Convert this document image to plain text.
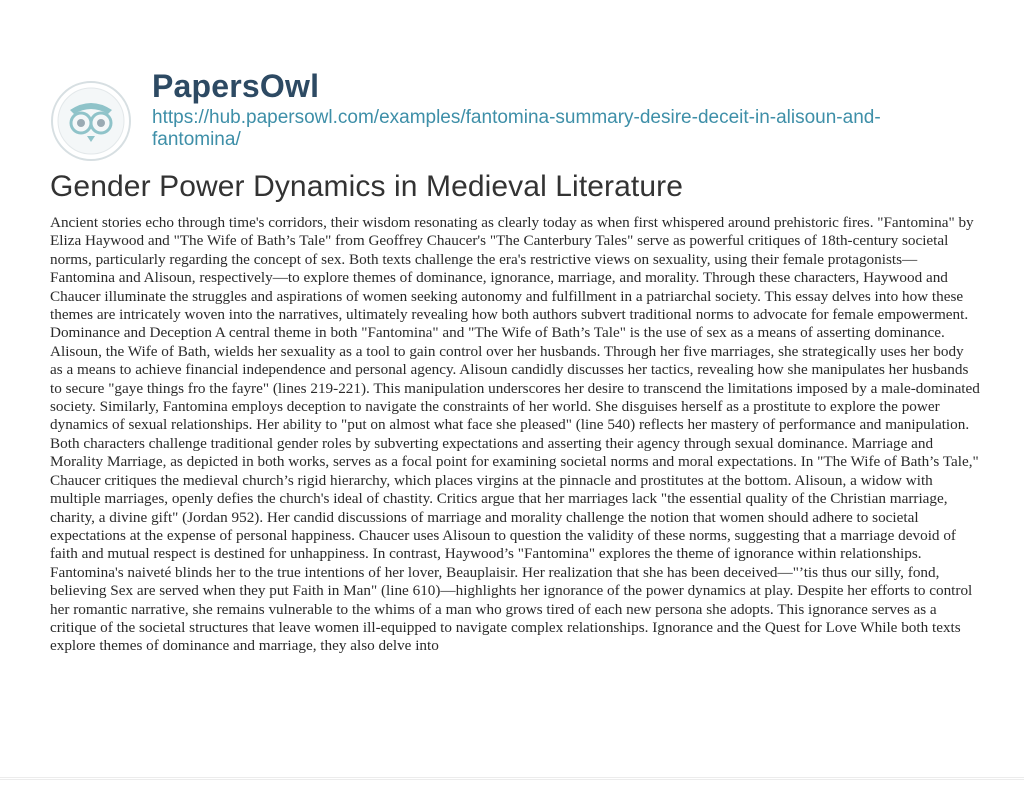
PapersOwl
https://hub.papersowl.com/examples/fantomina-summary-desire-deceit-in-alisoun-and-fantomina/
Gender Power Dynamics in Medieval Literature

Ancient stories echo through time's corridors, their wisdom resonating as clearly today as when first whispered around prehistoric fires. "Fantomina" by Eliza Haywood and "The Wife of Bath’s Tale" from Geoffrey Chaucer's "The Canterbury Tales" serve as powerful critiques of 18th-century societal norms, particularly regarding the concept of sex. Both texts challenge the era's restrictive views on sexuality, using their female protagonists—Fantomina and Alisoun, respectively—to explore themes of dominance, ignorance, marriage, and morality. Through these characters, Haywood and Chaucer illuminate the struggles and aspirations of women seeking autonomy and fulfillment in a patriarchal society. This essay delves into how these themes are intricately woven into the narratives, ultimately revealing how both authors subvert traditional norms to advocate for female empowerment. Dominance and Deception A central theme in both "Fantomina" and "The Wife of Bath’s Tale" is the use of sex as a means of asserting dominance. Alisoun, the Wife of Bath, wields her sexuality as a tool to gain control over her husbands. Through her five marriages, she strategically uses her body as a means to achieve financial independence and personal agency. Alisoun candidly discusses her tactics, revealing how she manipulates her husbands to secure "gaye things fro the fayre" (lines 219-221). This manipulation underscores her desire to transcend the limitations imposed by a male-dominated society. Similarly, Fantomina employs deception to navigate the constraints of her world. She disguises herself as a prostitute to explore the power dynamics of sexual relationships. Her ability to "put on almost what face she pleased" (line 540) reflects her mastery of performance and manipulation. Both characters challenge traditional gender roles by subverting expectations and asserting their agency through sexual dominance. Marriage and Morality Marriage, as depicted in both works, serves as a focal point for examining societal norms and moral expectations. In "The Wife of Bath’s Tale," Chaucer critiques the medieval church’s rigid hierarchy, which places virgins at the pinnacle and prostitutes at the bottom. Alisoun, a widow with multiple marriages, openly defies the church's ideal of chastity. Critics argue that her marriages lack "the essential quality of the Christian marriage, charity, a divine gift" (Jordan 952). Her candid discussions of marriage and morality challenge the notion that women should adhere to societal expectations at the expense of personal happiness. Chaucer uses Alisoun to question the validity of these norms, suggesting that a marriage devoid of faith and mutual respect is destined for unhappiness. In contrast, Haywood’s "Fantomina" explores the theme of ignorance within relationships. Fantomina's naiveté blinds her to the true intentions of her lover, Beauplaisir. Her realization that she has been deceived—"’tis thus our silly, fond, believing Sex are served when they put Faith in Man" (line 610)—highlights her ignorance of the power dynamics at play. Despite her efforts to control her romantic narrative, she remains vulnerable to the whims of a man who grows tired of each new persona she adopts. This ignorance serves as a critique of the societal structures that leave women ill-equipped to navigate complex relationships. Ignorance and the Quest for Love While both texts explore themes of dominance and marriage, they also delve into
